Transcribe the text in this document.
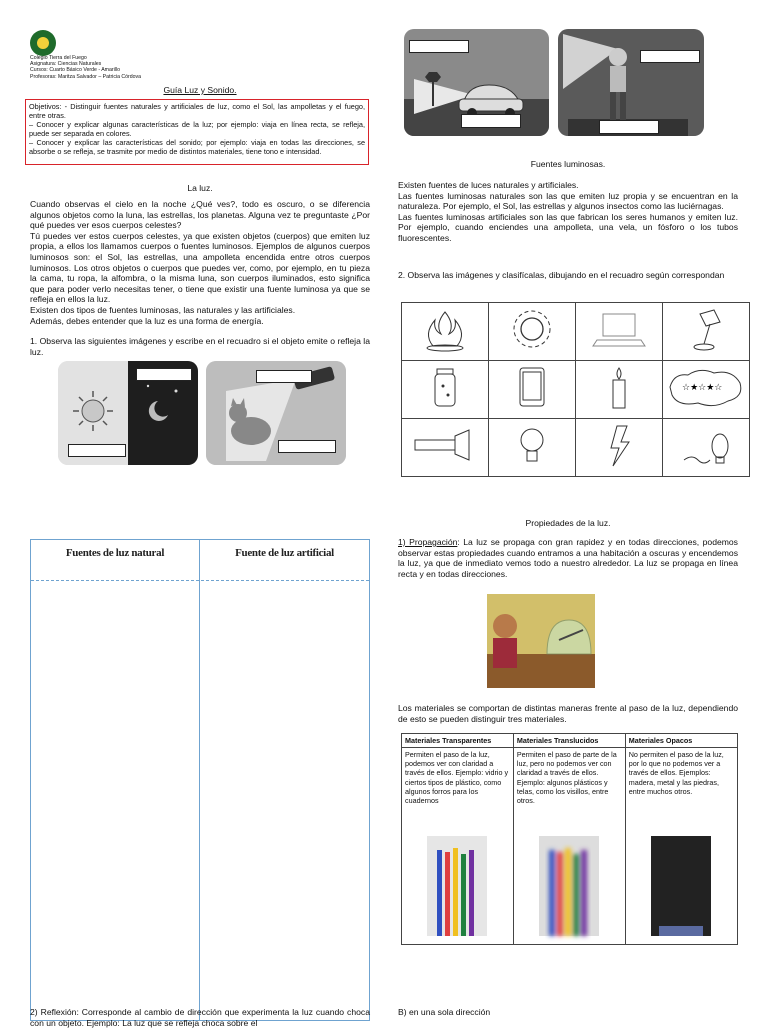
Colegio Tierra del Fuego
Asignatura: Ciencias Naturales
Cursos: Cuarto Básico Verde - Amarillo
Profesoras: Maritza Salvador – Patricia Córdova
Guía Luz y Sonido.
Objetivos: - Distinguir fuentes naturales y artificiales de luz, como el Sol, las ampolletas y el fuego, entre otras.
– Conocer y explicar algunas características de la luz; por ejemplo: viaja en línea recta, se refleja, puede ser separada en colores.
– Conocer y explicar las características del sonido; por ejemplo: viaja en todas las direcciones, se absorbe o se refleja, se trasmite por medio de distintos materiales, tiene tono e intensidad.
La luz.
Cuando observas el cielo en la noche ¿Qué ves?, todo es oscuro, o se diferencia algunos objetos como la luna, las estrellas, los planetas. Alguna vez te preguntaste ¿Por qué puedes ver esos cuerpos celestes?
Tú puedes ver estos cuerpos celestes, ya que existen objetos (cuerpos) que emiten luz propia, a ellos los llamamos cuerpos o fuentes luminosos. Ejemplos de algunos cuerpos luminosos son: el Sol, las estrellas, una ampolleta encendida entre otros cuerpos luminosos. Los otros objetos o cuerpos que puedes ver, como, por ejemplo, en tu pieza la cama, tu ropa, la alfombra, o la misma luna, son cuerpos iluminados, esto significa que para poder verlo necesitas tener, o tiene que existir una fuente luminosa ya que se refleja en ellos la luz.
Existen dos tipos de fuentes luminosas, las naturales y las artificiales.
Además, debes entender que la luz es una forma de energía.
1. Observa las siguientes imágenes y escribe en el recuadro si el objeto emite o refleja la luz.
Fuentes de luz natural	Fuente de luz artificial
Fuentes luminosas.
Existen fuentes de luces naturales y artificiales.
Las fuentes luminosas naturales son las que emiten luz propia y se encuentran en la naturaleza. Por ejemplo, el Sol, las estrellas y algunos insectos como las luciérnagas.
Las fuentes luminosas artificiales son las que fabrican los seres humanos y emiten luz. Por ejemplo, cuando enciendes una ampolleta, una vela, un fósforo o los tubos fluorescentes.
2. Observa las imágenes y clasifícalas, dibujando en el recuadro según correspondan

☆★☆★☆

Propiedades de la luz.
1) Propagación: La luz se propaga con gran rapidez y en todas direcciones, podemos observar estas propiedades cuando entramos a una habitación a oscuras y encendemos la luz, ya que de inmediato vemos todo a nuestro alrededor. La luz se propaga en línea recta y en todas direcciones.
Los materiales se comportan de distintas maneras frente al paso de la luz, dependiendo de esto se pueden distinguir tres materiales.
Materiales Transparentes	Materiales Translucidos	Materiales Opacos

Permiten el paso de la luz, podemos ver con claridad a través de ellos. Ejemplo: vidrio y ciertos tipos de plástico, como algunos forros para los cuadernos	Permiten el paso de parte de la luz, pero no podemos ver con claridad a través de ellos. Ejemplo: algunos plásticos y telas, como los visillos, entre otros.	No permiten el paso de la luz, por lo que no podemos ver a través de ellos. Ejemplos: madera, metal y las piedras, entre muchos otros.
2) Reflexión: Corresponde al cambio de dirección que experimenta la luz cuando choca con un objeto. Ejemplo: La luz que se refleja choca sobre el
B) en una sola dirección
